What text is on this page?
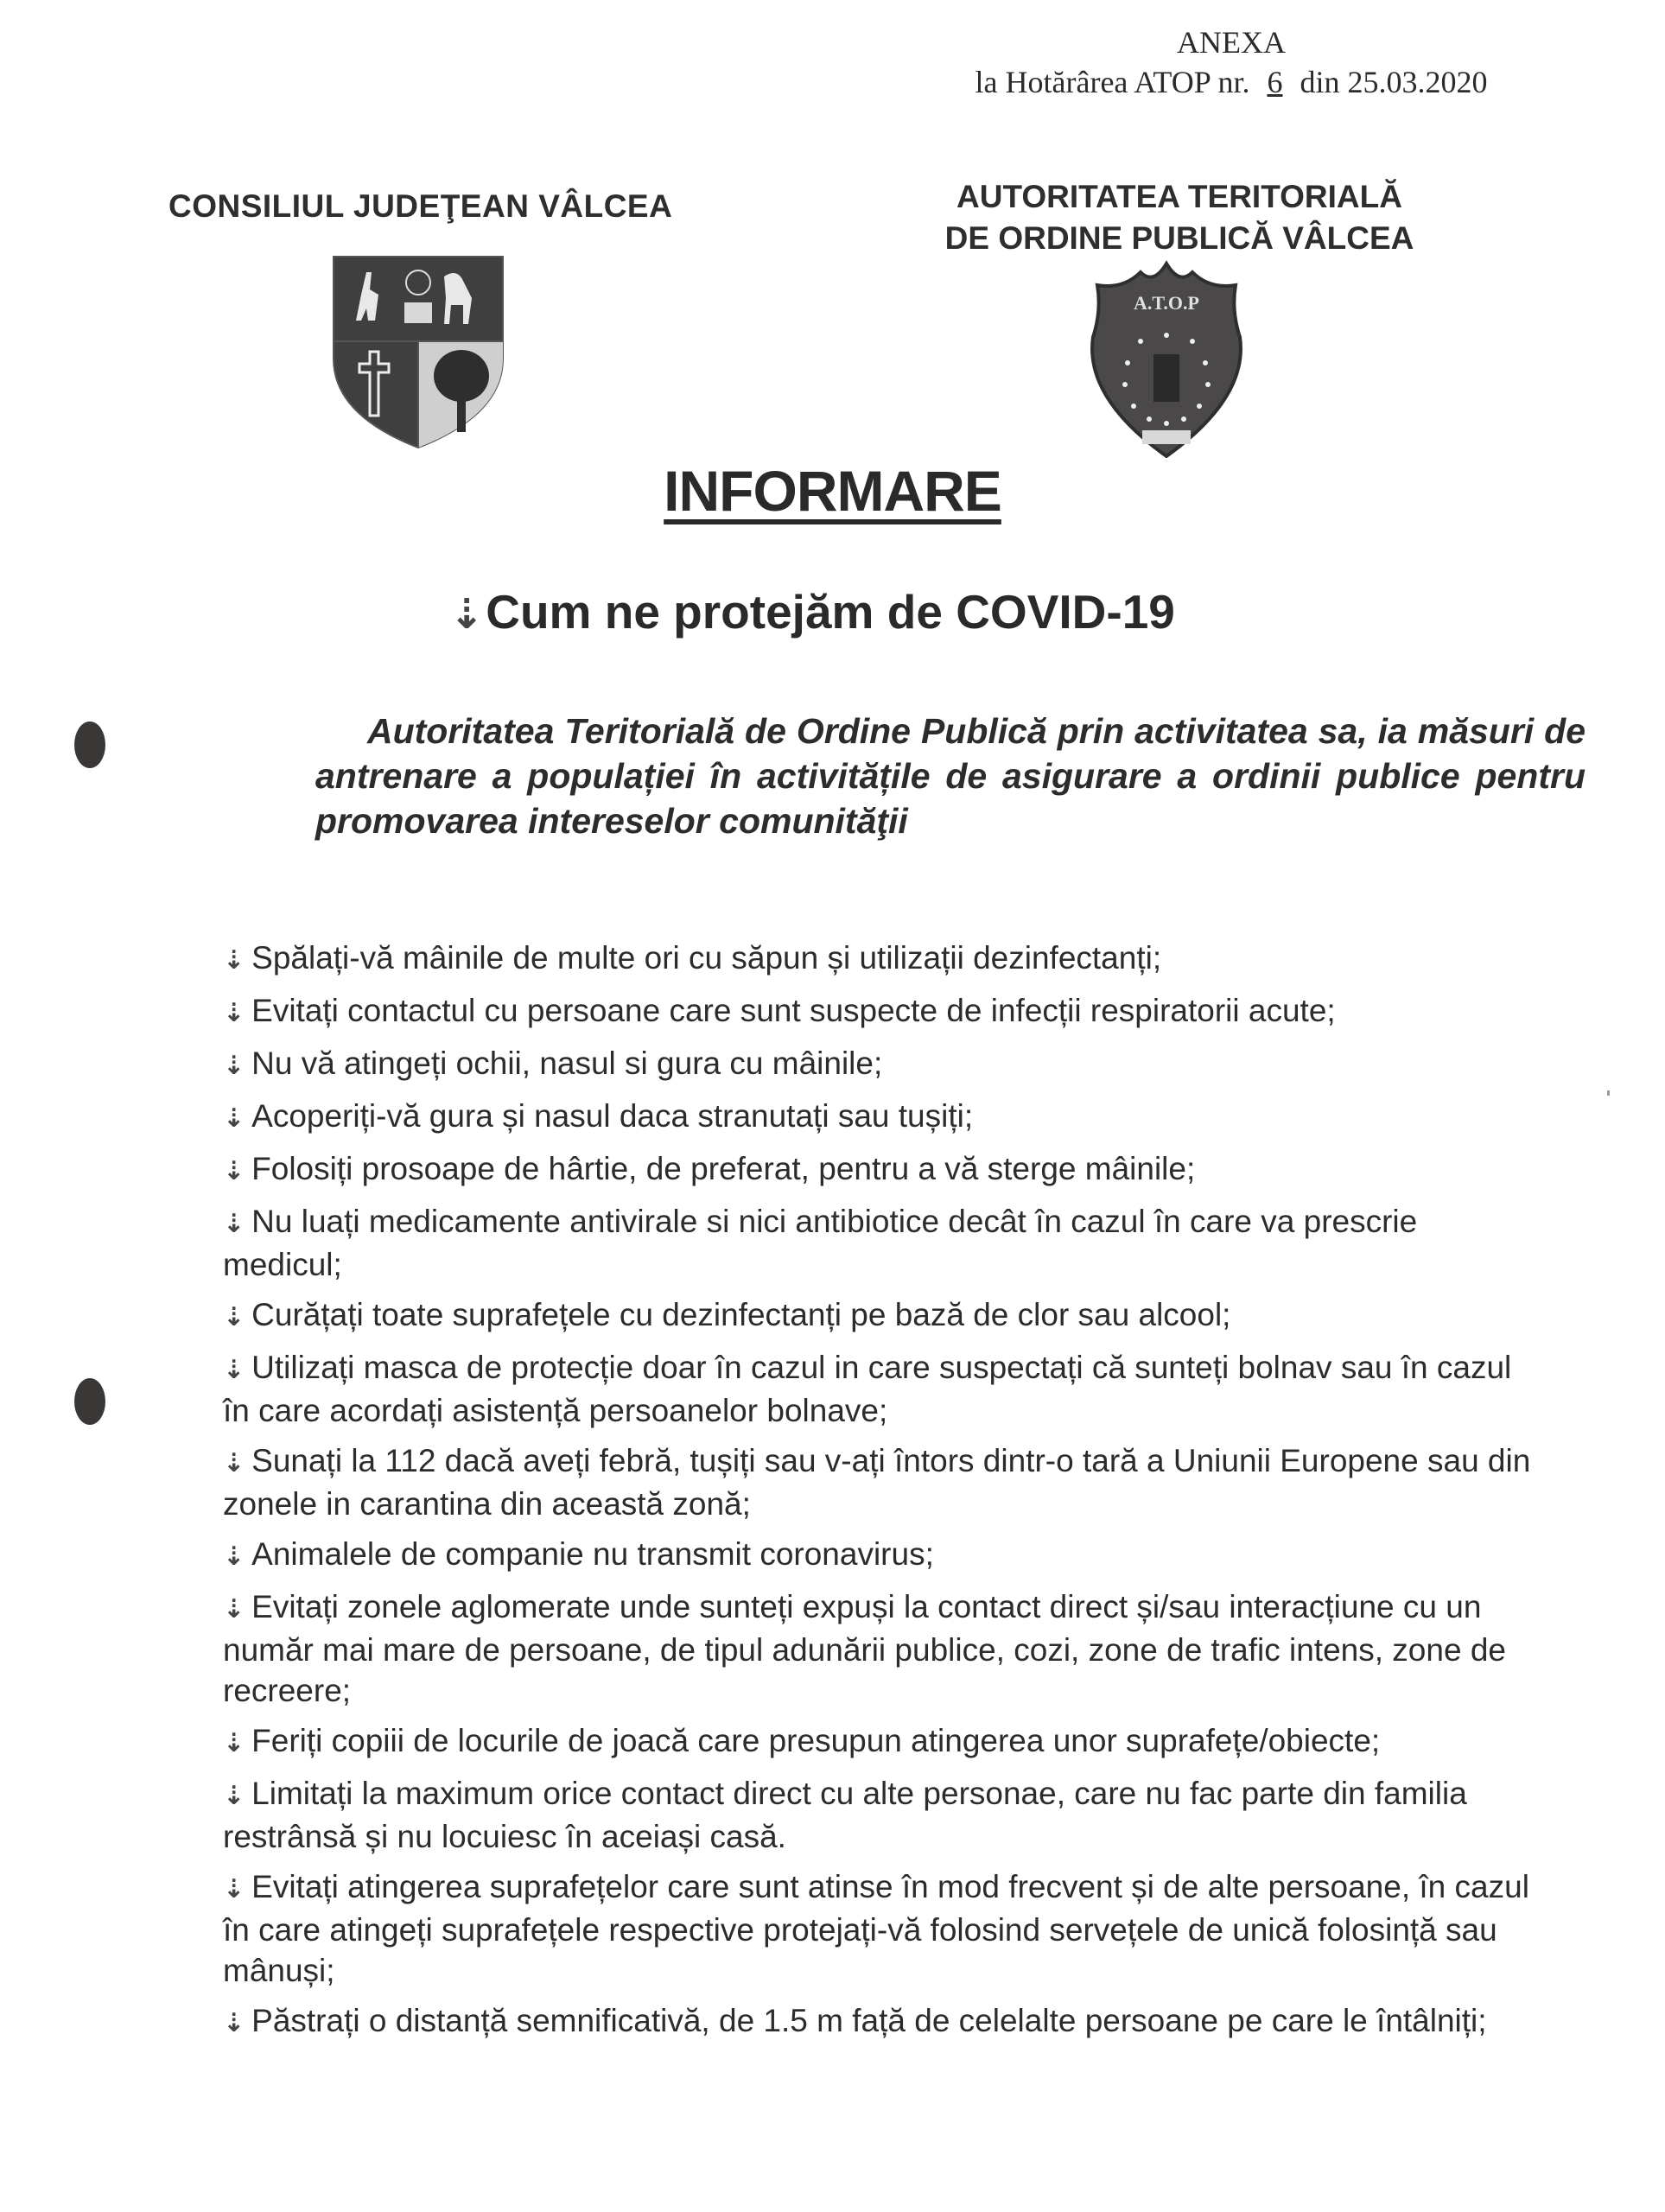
ANEXA
la Hotărârea ATOP nr. 6 din 25.03.2020
CONSILIUL JUDEŢEAN VÂLCEA	AUTORITATEA TERITORIALĂ
DE ORDINE PUBLICĂ VÂLCEA
A.T.O.P
INFORMARE
⇣Cum ne protejăm de COVID-19
Autoritatea Teritorială de Ordine Publică prin activitatea sa, ia măsuri de antrenare a populației în activitățile de asigurare a ordinii publice pentru promovarea intereselor comunităţii
⇣ Spălați-vă mâinile de multe ori cu săpun și utilizații dezinfectanți;
⇣ Evitați contactul cu persoane care sunt suspecte de infecții respiratorii acute;
⇣ Nu vă atingeți ochii, nasul si gura cu mâinile;
⇣ Acoperiți-vă gura și nasul daca stranutați sau tușiți;
⇣ Folosiți prosoape de hârtie, de preferat, pentru a vă sterge mâinile;
⇣ Nu luați medicamente antivirale si nici antibiotice decât în cazul în care va prescrie medicul;
⇣ Curățați toate suprafețele cu dezinfectanți pe bază de clor sau alcool;
⇣ Utilizați masca de protecție doar în cazul in care suspectați că sunteți bolnav sau în cazul în care acordați asistență persoanelor bolnave;
⇣ Sunați la 112 dacă aveți febră, tușiți sau v-ați întors dintr-o tară a Uniunii Europene sau din zonele in carantina din această zonă;
⇣ Animalele de companie nu transmit coronavirus;
⇣ Evitați zonele aglomerate unde sunteți expuși la contact direct și/sau interacțiune cu un număr mai mare de persoane, de tipul adunării publice, cozi, zone de trafic intens, zone de recreere;
⇣ Feriți copiii de locurile de joacă care presupun atingerea unor suprafețe/obiecte;
⇣ Limitați la maximum orice contact direct cu alte personae, care nu fac parte din familia restrânsă și nu locuiesc în aceiași casă.
⇣ Evitați atingerea suprafețelor care sunt atinse în mod frecvent și de alte persoane, în cazul în care atingeți suprafețele respective protejați-vă folosind servețele de unică folosință sau mânuși;
⇣ Păstrați o distanță semnificativă, de 1.5 m față de celelalte persoane pe care le întâlniți;
